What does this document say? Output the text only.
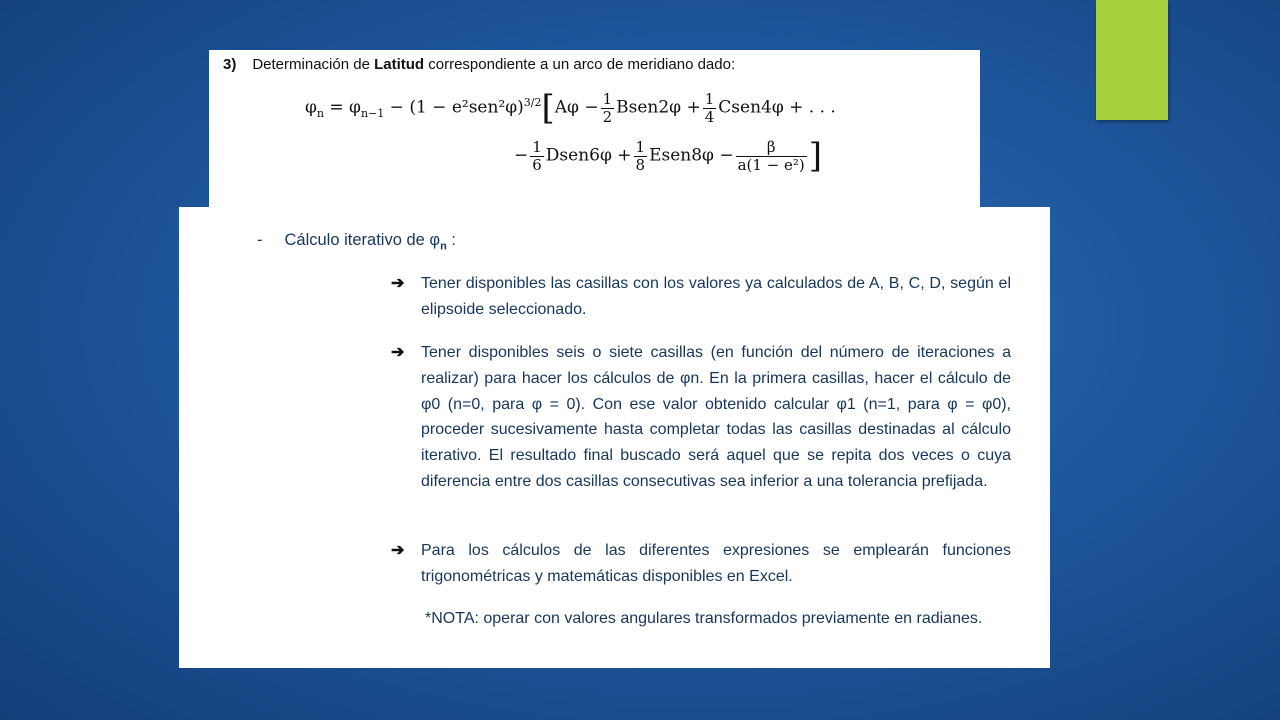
3) Determinación de Latitud correspondiente a un arco de meridiano dado:
$\varphi_n = \varphi_{n-1} - (1 - e^2sen^2\varphi)^{3/2}[A\varphi - \frac{1}{2}$ Bsen2φ + $\frac{1}{4}$ Csen4φ + . . .
− $\frac{1}{6}$ Dsen6φ + $\frac{1}{8}$ Esen8φ − $\frac{\beta}{\text{a(1 − e²)}}$ ]
- Cálculo iterativo de $\varphi_n$ :
➔ Tener disponibles las casillas con los valores ya calculados de A, B, C, D, según el elipsoide seleccionado.
➔ Tener disponibles seis o siete casillas (en función del número de iteraciones a realizar) para hacer los cálculos de φn. En la primera casillas, hacer el cálculo de φ0 (n=0, para φ = 0). Con ese valor obtenido calcular φ1 (n=1, para φ = φ0), proceder sucesivamente hasta completar todas las casillas destinadas al cálculo iterativo. El resultado final buscado será aquel que se repita dos veces o cuya diferencia entre dos casillas consecutivas sea inferior a una tolerancia prefijada.
➔ Para los cálculos de las diferentes expresiones se emplearán funciones trigonométricas y matemáticas disponibles en Excel.
*NOTA: operar con valores angulares transformados previamente en radianes.
